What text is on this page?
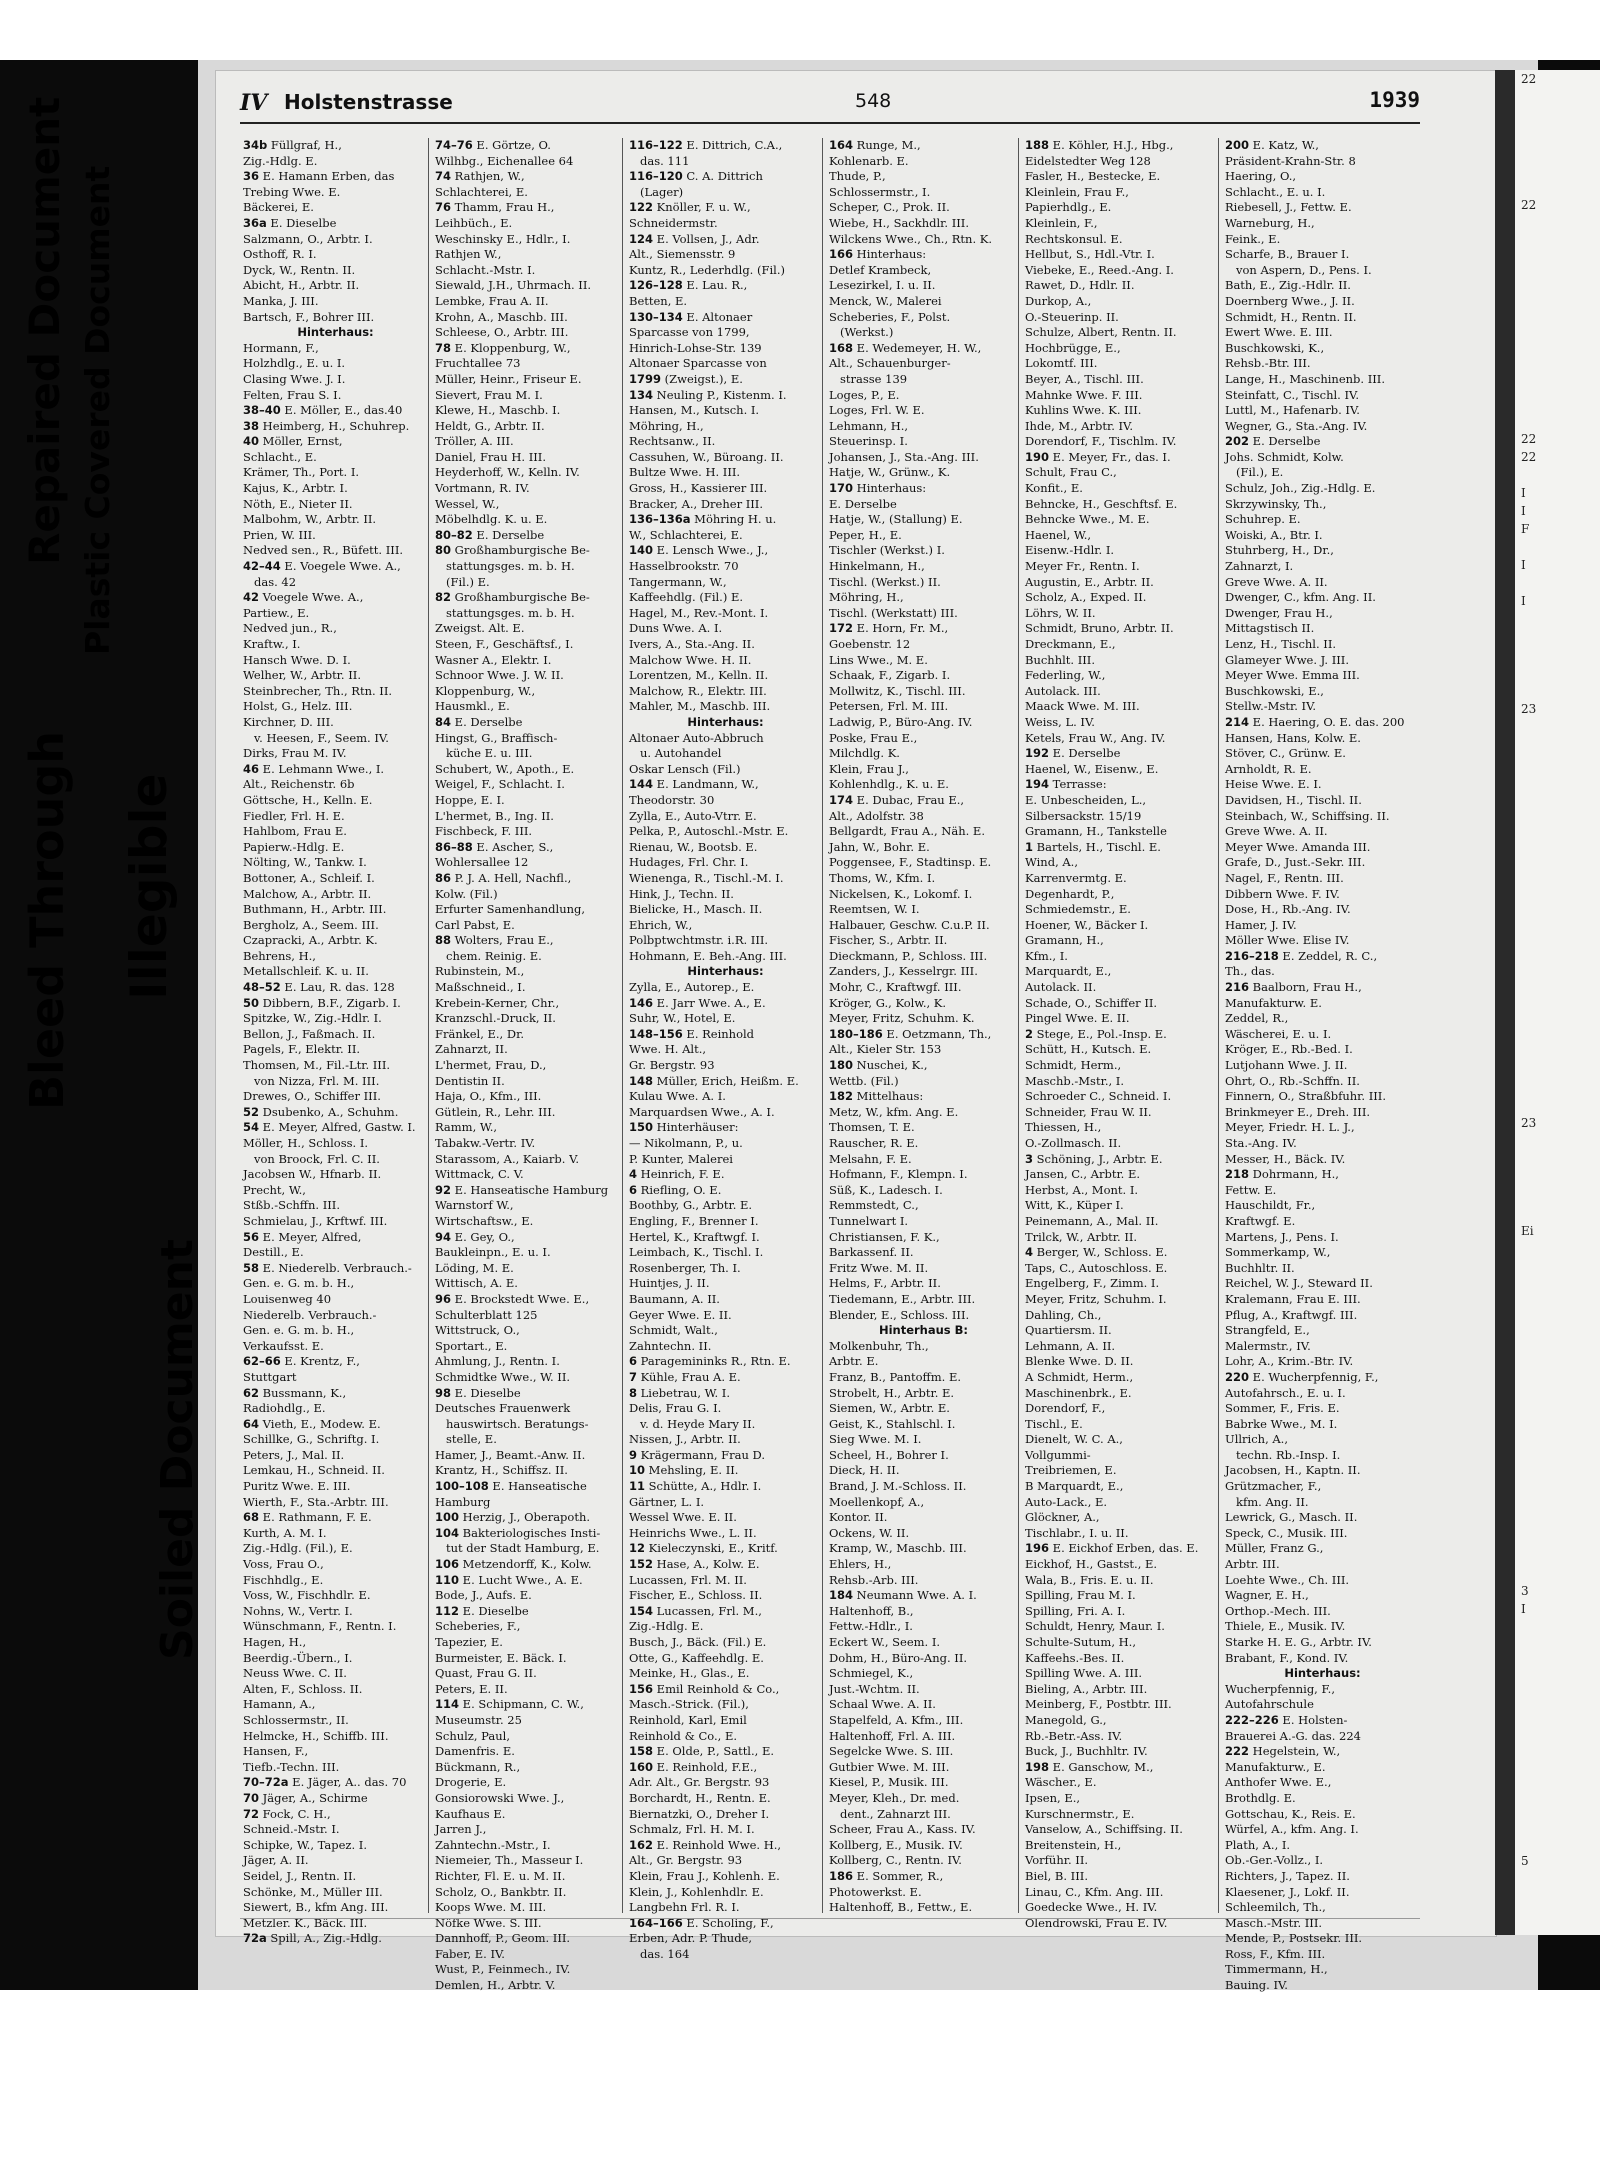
22

22

22
22

I
I
F

I

I

23

23

Ei

3
I

5
Bleed Through
Repaired Document Plastic Covered Document
Illegible
Soiled Document
IV Holstenstrasse	548	1939
34b Füllgraf, H.,
Zig.-Hdlg. E.
36 E. Hamann Erben, das
Trebing Wwe. E.
Bäckerei, E.
36a E. Dieselbe
Salzmann, O., Arbtr. I.
Osthoff, R. I.
Dyck, W., Rentn. II.
Abicht, H., Arbtr. II.
Manka, J. III.
Bartsch, F., Bohrer III.
Hinterhaus:
Hormann, F.,
Holzhdlg., E. u. I.
Clasing Wwe. J. I.
Felten, Frau S. I.
38–40 E. Möller, E., das.40
38 Heimberg, H., Schuhrep.
40 Möller, Ernst,
Schlacht., E.
Krämer, Th., Port. I.
Kajus, K., Arbtr. I.
Nöth, E., Nieter II.
Malbohm, W., Arbtr. II.
Prien, W. III.
Nedved sen., R., Büfett. III.
42–44 E. Voegele Wwe. A.,
das. 42
42 Voegele Wwe. A.,
Partiew., E.
Nedved jun., R.,
Kraftw., I.
Hansch Wwe. D. I.
Welher, W., Arbtr. II.
Steinbrecher, Th., Rtn. II.
Holst, G., Helz. III.
Kirchner, D. III.
v. Heesen, F., Seem. IV.
Dirks, Frau M. IV.
46 E. Lehmann Wwe., I.
Alt., Reichenstr. 6b
Göttsche, H., Kelln. E.
Fiedler, Frl. H. E.
Hahlbom, Frau E.
Papierw.-Hdlg. E.
Nölting, W., Tankw. I.
Bottoner, A., Schleif. I.
Malchow, A., Arbtr. II.
Buthmann, H., Arbtr. III.
Bergholz, A., Seem. III.
Czapracki, A., Arbtr. K.
Behrens, H.,
Metallschleif. K. u. II.
48–52 E. Lau, R. das. 128
50 Dibbern, B.F., Zigarb. I.
Spitzke, W., Zig.-Hdlr. I.
Bellon, J., Faßmach. II.
Pagels, F., Elektr. II.
Thomsen, M., Fil.-Ltr. III.
von Nizza, Frl. M. III.
Drewes, O., Schiffer III.
52 Dsubenko, A., Schuhm.
54 E. Meyer, Alfred, Gastw. I.
Möller, H., Schloss. I.
von Broock, Frl. C. II.
Jacobsen W., Hfnarb. II.
Precht, W.,
Stßb.-Schffn. III.
Schmielau, J., Krftwf. III.
56 E. Meyer, Alfred,
Destill., E.
58 E. Niederelb. Verbrauch.-
Gen. e. G. m. b. H.,
Louisenweg 40
Niederelb. Verbrauch.-
Gen. e. G. m. b. H.,
Verkaufsst. E.
62–66 E. Krentz, F.,
Stuttgart
62 Bussmann, K.,
Radiohdlg., E.
64 Vieth, E., Modew. E.
Schillke, G., Schriftg. I.
Peters, J., Mal. II.
Lemkau, H., Schneid. II.
Puritz Wwe. E. III.
Wierth, F., Sta.-Arbtr. III.
68 E. Rathmann, F. E.
Kurth, A. M. I.
Zig.-Hdlg. (Fil.), E.
Voss, Frau O.,
Fischhdlg., E.
Voss, W., Fischhdlr. E.
Nohns, W., Vertr. I.
Wünschmann, F., Rentn. I.
Hagen, H.,
Beerdig.-Übern., I.
Neuss Wwe. C. II.
Alten, F., Schloss. II.
Hamann, A.,
Schlossermstr., II.
Helmcke, H., Schiffb. III.
Hansen, F.,
Tiefb.-Techn. III.
70–72a E. Jäger, A.. das. 70
70 Jäger, A., Schirme
72 Fock, C. H.,
Schneid.-Mstr. I.
Schipke, W., Tapez. I.
Jäger, A. II.
Seidel, J., Rentn. II.
Schönke, M., Müller III.
Siewert, B., kfm Ang. III.
Metzler. K., Bäck. III.
72a Spill, A., Zig.-Hdlg.
74–76 E. Görtze, O.
Wilhbg., Eichenallee 64
74 Rathjen, W.,
Schlachterei, E.
76 Thamm, Frau H.,
Leihbüch., E.
Weschinsky E., Hdlr., I.
Rathjen W.,
Schlacht.-Mstr. I.
Siewald, J.H., Uhrmach. II.
Lembke, Frau A. II.
Krohn, A., Maschb. III.
Schleese, O., Arbtr. III.
78 E. Kloppenburg, W.,
Fruchtallee 73
Müller, Heinr., Friseur E.
Sievert, Frau M. I.
Klewe, H., Maschb. I.
Heldt, G., Arbtr. II.
Tröller, A. III.
Daniel, Frau H. III.
Heyderhoff, W., Kelln. IV.
Vortmann, R. IV.
Wessel, W.,
Möbelhdlg. K. u. E.
80–82 E. Derselbe
80 Großhamburgische Be-
stattungsges. m. b. H.
(Fil.) E.
82 Großhamburgische Be-
stattungsges. m. b. H.
Zweigst. Alt. E.
Steen, F., Geschäftsf., I.
Wasner A., Elektr. I.
Schnoor Wwe. J. W. II.
Kloppenburg, W.,
Hausmkl., E.
84 E. Derselbe
Hingst, G., Braffisch-
küche E. u. III.
Schubert, W., Apoth., E.
Weigel, F., Schlacht. I.
Hoppe, E. I.
L'hermet, B., Ing. II.
Fischbeck, F. III.
86–88 E. Ascher, S.,
Wohlersallee 12
86 P. J. A. Hell, Nachfl.,
Kolw. (Fil.)
Erfurter Samenhandlung,
Carl Pabst, E.
88 Wolters, Frau E.,
chem. Reinig. E.
Rubinstein, M.,
Maßschneid., I.
Krebein-Kerner, Chr.,
Kranzschl.-Druck, II.
Fränkel, E., Dr.
Zahnarzt, II.
L'hermet, Frau, D.,
Dentistin II.
Haja, O., Kfm., III.
Gütlein, R., Lehr. III.
Ramm, W.,
Tabakw.-Vertr. IV.
Starassom, A., Kaiarb. V.
Wittmack, C. V.
92 E. Hanseatische Hamburg
Warnstorf W.,
Wirtschaftsw., E.
94 E. Gey, O.,
Baukleinpn., E. u. I.
Löding, M. E.
Wittisch, A. E.
96 E. Brockstedt Wwe. E.,
Schulterblatt 125
Wittstruck, O.,
Sportart., E.
Ahmlung, J., Rentn. I.
Schmidtke Wwe., W. II.
98 E. Dieselbe
Deutsches Frauenwerk
hauswirtsch. Beratungs-
stelle, E.
Hamer, J., Beamt.-Anw. II.
Krantz, H., Schiffsz. II.
100–108 E. Hanseatische
Hamburg
100 Herzig, J., Oberapoth.
104 Bakteriologisches Insti-
tut der Stadt Hamburg, E.
106 Metzendorff, K., Kolw.
110 E. Lucht Wwe., A. E.
Bode, J., Aufs. E.
112 E. Dieselbe
Scheberies, F.,
Tapezier, E.
Burmeister, E. Bäck. I.
Quast, Frau G. II.
Peters, E. II.
114 E. Schipmann, C. W.,
Museumstr. 25
Schulz, Paul,
Damenfris. E.
Bückmann, R.,
Drogerie, E.
Gonsiorowski Wwe. J.,
Kaufhaus E.
Jarren J.,
Zahntechn.-Mstr., I.
Niemeier, Th., Masseur I.
Richter, Fl. E. u. M. II.
Scholz, O., Bankbtr. II.
Koops Wwe. M. III.
Nöfke Wwe. S. III.
Dannhoff, P., Geom. III.
Faber, E. IV.
Wust, P., Feinmech., IV.
Demlen, H., Arbtr. V.
116–122 E. Dittrich, C.A.,
das. 111
116–120 C. A. Dittrich
(Lager)
122 Knöller, F. u. W.,
Schneidermstr.
124 E. Vollsen, J., Adr.
Alt., Siemensstr. 9
Kuntz, R., Lederhdlg. (Fil.)
126–128 E. Lau. R.,
Betten, E.
130–134 E. Altonaer
Sparcasse von 1799,
Hinrich-Lohse-Str. 139
Altonaer Sparcasse von
1799 (Zweigst.), E.
134 Neuling P., Kistenm. I.
Hansen, M., Kutsch. I.
Möhring, H.,
Rechtsanw., II.
Cassuhen, W., Büroang. II.
Bultze Wwe. H. III.
Gross, H., Kassierer III.
Bracker, A., Dreher III.
136–136a Möhring H. u.
W., Schlachterei, E.
140 E. Lensch Wwe., J.,
Hasselbrookstr. 70
Tangermann, W.,
Kaffeehdlg. (Fil.) E.
Hagel, M., Rev.-Mont. I.
Duns Wwe. A. I.
Ivers, A., Sta.-Ang. II.
Malchow Wwe. H. II.
Lorentzen, M., Kelln. II.
Malchow, R., Elektr. III.
Mahler, M., Maschb. III.
Hinterhaus:
Altonaer Auto-Abbruch
u. Autohandel
Oskar Lensch (Fil.)
144 E. Landmann, W.,
Theodorstr. 30
Zylla, E., Auto-Vtrr. E.
Pelka, P., Autoschl.-Mstr. E.
Rienau, W., Bootsb. E.
Hudages, Frl. Chr. I.
Wienenga, R., Tischl.-M. I.
Hink, J., Techn. II.
Bielicke, H., Masch. II.
Ehrich, W.,
Polbptwchtmstr. i.R. III.
Hohmann, E. Beh.-Ang. III.
Hinterhaus:
Zylla, E., Autorep., E.
146 E. Jarr Wwe. A., E.
Suhr, W., Hotel, E.
148–156 E. Reinhold
Wwe. H. Alt.,
Gr. Bergstr. 93
148 Müller, Erich, Heißm. E.
Kulau Wwe. A. I.
Marquardsen Wwe., A. I.
150 Hinterhäuser:
— Nikolmann, P., u.
P. Kunter, Malerei
4 Heinrich, F. E.
6 Riefling, O. E.
Boothby, G., Arbtr. E.
Engling, F., Brenner I.
Hertel, K., Kraftwgf. I.
Leimbach, K., Tischl. I.
Rosenberger, Th. I.
Huintjes, J. II.
Baumann, A. II.
Geyer Wwe. E. II.
Schmidt, Walt.,
Zahntechn. II.
6 Paragemininks R., Rtn. E.
7 Kühle, Frau A. E.
8 Liebetrau, W. I.
Delis, Frau G. I.
v. d. Heyde Mary II.
Nissen, J., Arbtr. II.
9 Krägermann, Frau D.
10 Mehsling, E. II.
11 Schütte, A., Hdlr. I.
Gärtner, L. I.
Wessel Wwe. E. II.
Heinrichs Wwe., L. II.
12 Kieleczynski, E., Kritf.
152 Hase, A., Kolw. E.
Lucassen, Frl. M. II.
Fischer, E., Schloss. II.
154 Lucassen, Frl. M.,
Zig.-Hdlg. E.
Busch, J., Bäck. (Fil.) E.
Otte, G., Kaffeehdlg. E.
Meinke, H., Glas., E.
156 Emil Reinhold & Co.,
Masch.-Strick. (Fil.),
Reinhold, Karl, Emil
Reinhold & Co., E.
158 E. Olde, P., Sattl., E.
160 E. Reinhold, F.E.,
Adr. Alt., Gr. Bergstr. 93
Borchardt, H., Rentn. E.
Biernatzki, O., Dreher I.
Schmalz, Frl. H. M. I.
162 E. Reinhold Wwe. H.,
Alt., Gr. Bergstr. 93
Klein, Frau J., Kohlenh. E.
Klein, J., Kohlenhdlr. E.
Langbehn Frl. R. I.
164–166 E. Scholing, F.,
Erben, Adr. P. Thude,
das. 164
164 Runge, M.,
Kohlenarb. E.
Thude, P.,
Schlossermstr., I.
Scheper, C., Prok. II.
Wiebe, H., Sackhdlr. III.
Wilckens Wwe., Ch., Rtn. K.
166 Hinterhaus:
Detlef Krambeck,
Lesezirkel, I. u. II.
Menck, W., Malerei
Scheberies, F., Polst.
(Werkst.)
168 E. Wedemeyer, H. W.,
Alt., Schauenburger-
strasse 139
Loges, P., E.
Loges, Frl. W. E.
Lehmann, H.,
Steuerinsp. I.
Johansen, J., Sta.-Ang. III.
Hatje, W., Grünw., K.
170 Hinterhaus:
E. Derselbe
Hatje, W., (Stallung) E.
Peper, H., E.
Tischler (Werkst.) I.
Hinkelmann, H.,
Tischl. (Werkst.) II.
Möhring, H.,
Tischl. (Werkstatt) III.
172 E. Horn, Fr. M.,
Goebenstr. 12
Lins Wwe., M. E.
Schaak, F., Zigarb. I.
Mollwitz, K., Tischl. III.
Petersen, Frl. M. III.
Ladwig, P., Büro-Ang. IV.
Poske, Frau E.,
Milchdlg. K.
Klein, Frau J.,
Kohlenhdlg., K. u. E.
174 E. Dubac, Frau E.,
Alt., Adolfstr. 38
Bellgardt, Frau A., Näh. E.
Jahn, W., Bohr. E.
Poggensee, F., Stadtinsp. E.
Thoms, W., Kfm. I.
Nickelsen, K., Lokomf. I.
Reemtsen, W. I.
Halbauer, Geschw. C.u.P. II.
Fischer, S., Arbtr. II.
Dieckmann, P., Schloss. III.
Zanders, J., Kesselrgr. III.
Mohr, C., Kraftwgf. III.
Kröger, G., Kolw., K.
Meyer, Fritz, Schuhm. K.
180–186 E. Oetzmann, Th.,
Alt., Kieler Str. 153
180 Nuschei, K.,
Wettb. (Fil.)
182 Mittelhaus:
Metz, W., kfm. Ang. E.
Thomsen, T. E.
Rauscher, R. E.
Melsahn, F. E.
Hofmann, F., Klempn. I.
Süß, K., Ladesch. I.
Remmstedt, C.,
Tunnelwart I.
Christiansen, F. K.,
Barkassenf. II.
Fritz Wwe. M. II.
Helms, F., Arbtr. II.
Tiedemann, E., Arbtr. III.
Blender, E., Schloss. III.
Hinterhaus B:
Molkenbuhr, Th.,
Arbtr. E.
Franz, B., Pantoffm. E.
Strobelt, H., Arbtr. E.
Siemen, W., Arbtr. E.
Geist, K., Stahlschl. I.
Sieg Wwe. M. I.
Scheel, H., Bohrer I.
Dieck, H. II.
Brand, J. M.-Schloss. II.
Moellenkopf, A.,
Kontor. II.
Ockens, W. II.
Kramp, W., Maschb. III.
Ehlers, H.,
Rehsb.-Arb. III.
184 Neumann Wwe. A. I.
Haltenhoff, B.,
Fettw.-Hdlr., I.
Eckert W., Seem. I.
Dohm, H., Büro-Ang. II.
Schmiegel, K.,
Just.-Wchtm. II.
Schaal Wwe. A. II.
Stapelfeld, A. Kfm., III.
Haltenhoff, Frl. A. III.
Segelcke Wwe. S. III.
Gutbier Wwe. M. III.
Kiesel, P., Musik. III.
Meyer, Kleh., Dr. med.
dent., Zahnarzt III.
Scheer, Frau A., Kass. IV.
Kollberg, E., Musik. IV.
Kollberg, C., Rentn. IV.
186 E. Sommer, R.,
Photowerkst. E.
Haltenhoff, B., Fettw., E.
188 E. Köhler, H.J., Hbg.,
Eidelstedter Weg 128
Fasler, H., Bestecke, E.
Kleinlein, Frau F.,
Papierhdlg., E.
Kleinlein, F.,
Rechtskonsul. E.
Hellbut, S., Hdl.-Vtr. I.
Viebeke, E., Reed.-Ang. I.
Rawet, D., Hdlr. II.
Durkop, A.,
O.-Steuerinp. II.
Schulze, Albert, Rentn. II.
Hochbrügge, E.,
Lokomtf. III.
Beyer, A., Tischl. III.
Mahnke Wwe. F. III.
Kuhlins Wwe. K. III.
Ihde, M., Arbtr. IV.
Dorendorf, F., Tischlm. IV.
190 E. Meyer, Fr., das. I.
Schult, Frau C.,
Konfit., E.
Behncke, H., Geschftsf. E.
Behncke Wwe., M. E.
Haenel, W.,
Eisenw.-Hdlr. I.
Meyer Fr., Rentn. I.
Augustin, E., Arbtr. II.
Scholz, A., Exped. II.
Löhrs, W. II.
Schmidt, Bruno, Arbtr. II.
Dreckmann, E.,
Buchhlt. III.
Federling, W.,
Autolack. III.
Maack Wwe. M. III.
Weiss, L. IV.
Ketels, Frau W., Ang. IV.
192 E. Derselbe
Haenel, W., Eisenw., E.
194 Terrasse:
E. Unbescheiden, L.,
Silbersackstr. 15/19
Gramann, H., Tankstelle
1 Bartels, H., Tischl. E.
Wind, A.,
Karrenvermtg. E.
Degenhardt, P.,
Schmiedemstr., E.
Hoener, W., Bäcker I.
Gramann, H.,
Kfm., I.
Marquardt, E.,
Autolack. II.
Schade, O., Schiffer II.
Pingel Wwe. E. II.
2 Stege, E., Pol.-Insp. E.
Schütt, H., Kutsch. E.
Schmidt, Herm.,
Maschb.-Mstr., I.
Schroeder C., Schneid. I.
Schneider, Frau W. II.
Thiessen, H.,
O.-Zollmasch. II.
3 Schöning, J., Arbtr. E.
Jansen, C., Arbtr. E.
Herbst, A., Mont. I.
Witt, K., Küper I.
Peinemann, A., Mal. II.
Trilck, W., Arbtr. II.
4 Berger, W., Schloss. E.
Taps, C., Autoschloss. E.
Engelberg, F., Zimm. I.
Meyer, Fritz, Schuhm. I.
Dahling, Ch.,
Quartiersm. II.
Lehmann, A. II.
Blenke Wwe. D. II.
A Schmidt, Herm.,
Maschinenbrk., E.
Dorendorf, F.,
Tischl., E.
Dienelt, W. C. A.,
Vollgummi-
Treibriemen, E.
B Marquardt, E.,
Auto-Lack., E.
Glöckner, A.,
Tischlabr., I. u. II.
196 E. Eickhof Erben, das. E.
Eickhof, H., Gastst., E.
Wala, B., Fris. E. u. II.
Spilling, Frau M. I.
Spilling, Fri. A. I.
Schuldt, Henry, Maur. I.
Schulte-Sutum, H.,
Kaffeehs.-Bes. II.
Spilling Wwe. A. III.
Bieling, A., Arbtr. III.
Meinberg, F., Postbtr. III.
Manegold, G.,
Rb.-Betr.-Ass. IV.
Buck, J., Buchhltr. IV.
198 E. Ganschow, M.,
Wäscher., E.
Ipsen, E.,
Kurschnermstr., E.
Vanselow, A., Schiffsing. II.
Breitenstein, H.,
Vorführ. II.
Biel, B. III.
Linau, C., Kfm. Ang. III.
Goedecke Wwe., H. IV.
Olendrowski, Frau E. IV.
200 E. Katz, W.,
Präsident-Krahn-Str. 8
Haering, O.,
Schlacht., E. u. I.
Riebesell, J., Fettw. E.
Warneburg, H.,
Feink., E.
Scharfe, B., Brauer I.
von Aspern, D., Pens. I.
Bath, E., Zig.-Hdlr. II.
Doernberg Wwe., J. II.
Schmidt, H., Rentn. II.
Ewert Wwe. E. III.
Buschkowski, K.,
Rehsb.-Btr. III.
Lange, H., Maschinenb. III.
Steinfatt, C., Tischl. IV.
Luttl, M., Hafenarb. IV.
Wegner, G., Sta.-Ang. IV.
202 E. Derselbe
Johs. Schmidt, Kolw.
(Fil.), E.
Schulz, Joh., Zig.-Hdlg. E.
Skrzywinsky, Th.,
Schuhrep. E.
Woiski, A., Btr. I.
Stuhrberg, H., Dr.,
Zahnarzt, I.
Greve Wwe. A. II.
Dwenger, C., kfm. Ang. II.
Dwenger, Frau H.,
Mittagstisch II.
Lenz, H., Tischl. II.
Glameyer Wwe. J. III.
Meyer Wwe. Emma III.
Buschkowski, E.,
Stellw.-Mstr. IV.
214 E. Haering, O. E. das. 200
Hansen, Hans, Kolw. E.
Stöver, C., Grünw. E.
Arnholdt, R. E.
Heise Wwe. E. I.
Davidsen, H., Tischl. II.
Steinbach, W., Schiffsing. II.
Greve Wwe. A. II.
Meyer Wwe. Amanda III.
Grafe, D., Just.-Sekr. III.
Nagel, F., Rentn. III.
Dibbern Wwe. F. IV.
Dose, H., Rb.-Ang. IV.
Hamer, J. IV.
Möller Wwe. Elise IV.
216–218 E. Zeddel, R. C.,
Th., das.
216 Baalborn, Frau H.,
Manufakturw. E.
Zeddel, R.,
Wäscherei, E. u. I.
Kröger, E., Rb.-Bed. I.
Lutjohann Wwe. J. II.
Ohrt, O., Rb.-Schffn. II.
Finnern, O., Straßbfuhr. III.
Brinkmeyer E., Dreh. III.
Meyer, Friedr. H. L. J.,
Sta.-Ang. IV.
Messer, H., Bäck. IV.
218 Dohrmann, H.,
Fettw. E.
Hauschildt, Fr.,
Kraftwgf. E.
Martens, J., Pens. I.
Sommerkamp, W.,
Buchhltr. II.
Reichel, W. J., Steward II.
Kralemann, Frau E. III.
Pflug, A., Kraftwgf. III.
Strangfeld, E.,
Malermstr., IV.
Lohr, A., Krim.-Btr. IV.
220 E. Wucherpfennig, F.,
Autofahrsch., E. u. I.
Sommer, F., Fris. E.
Babrke Wwe., M. I.
Ullrich, A.,
techn. Rb.-Insp. I.
Jacobsen, H., Kaptn. II.
Grützmacher, F.,
kfm. Ang. II.
Lewrick, G., Masch. II.
Speck, C., Musik. III.
Müller, Franz G.,
Arbtr. III.
Loehte Wwe., Ch. III.
Wagner, E. H.,
Orthop.-Mech. III.
Thiele, E., Musik. IV.
Starke H. E. G., Arbtr. IV.
Brabant, F., Kond. IV.
Hinterhaus:
Wucherpfennig, F.,
Autofahrschule
222–226 E. Holsten-
Brauerei A.-G. das. 224
222 Hegelstein, W.,
Manufakturw., E.
Anthofer Wwe. E.,
Brothdlg. E.
Gottschau, K., Reis. E.
Würfel, A., kfm. Ang. I.
Plath, A., I.
Ob.-Ger.-Vollz., I.
Richters, J., Tapez. II.
Klaesener, J., Lokf. II.
Schleemilch, Th.,
Masch.-Mstr. III.
Mende, P., Postsekr. III.
Ross, F., Kfm. III.
Timmermann, H.,
Bauing. IV.
